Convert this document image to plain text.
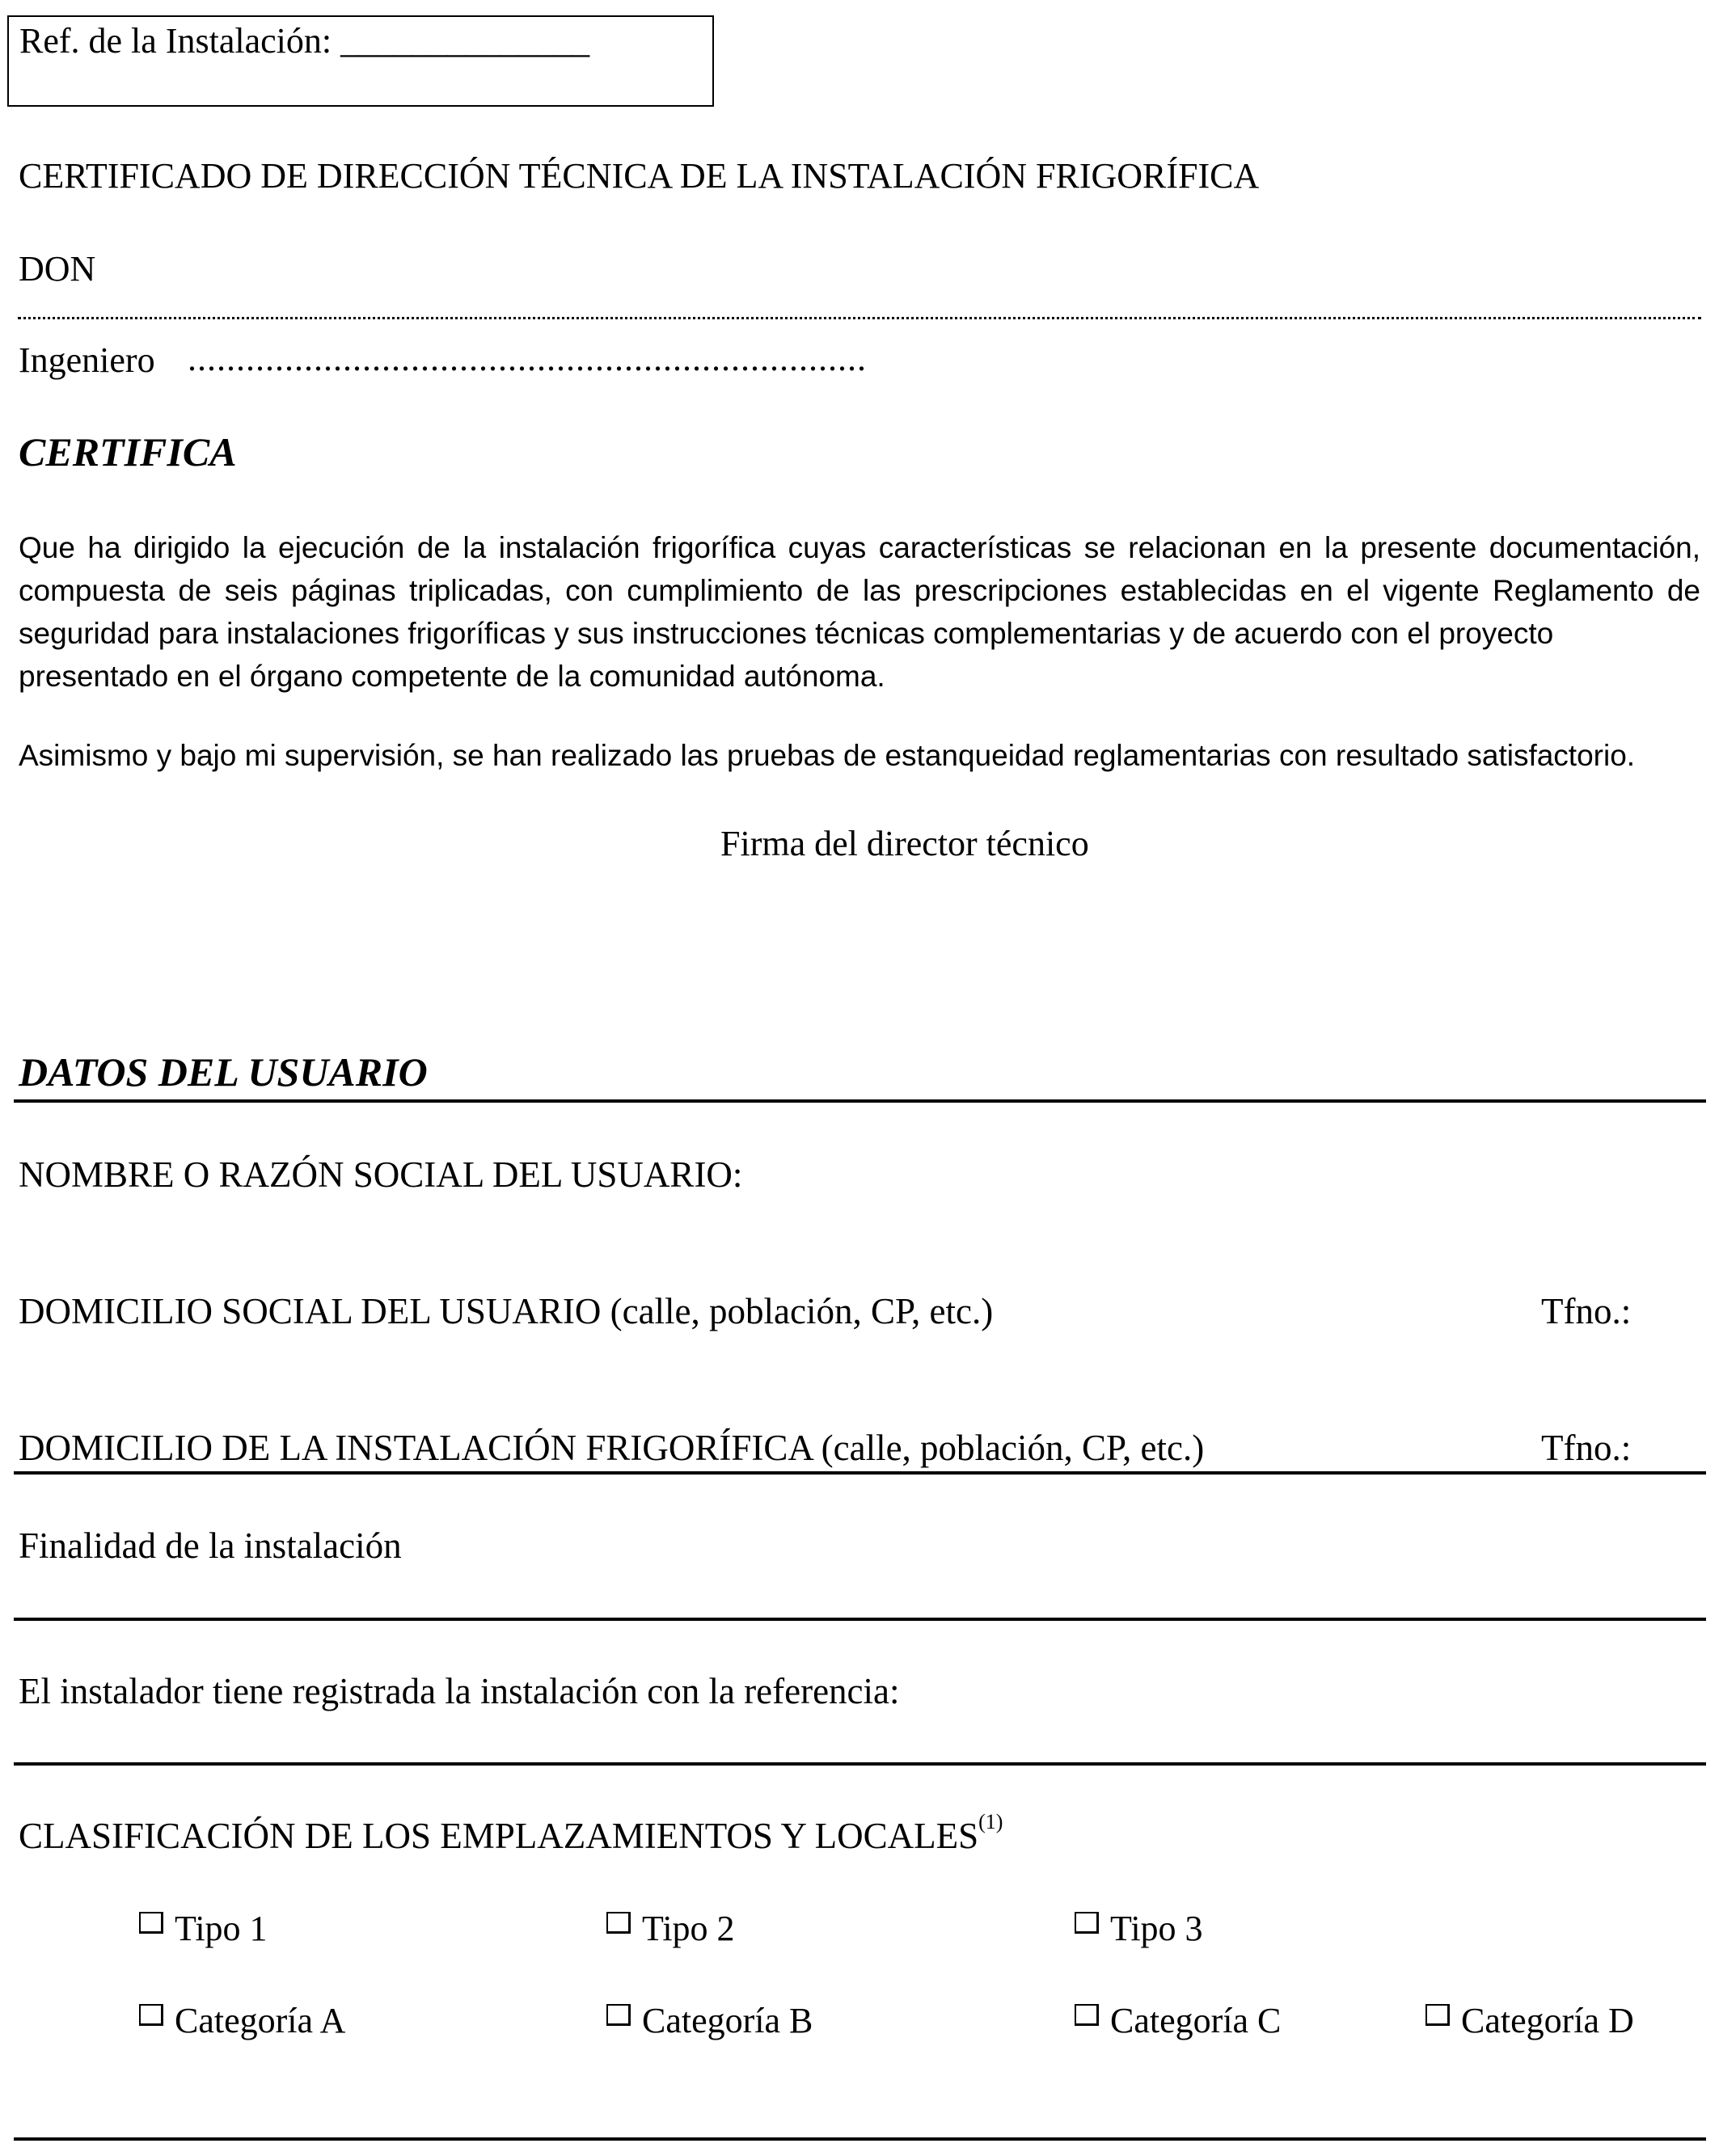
Ref. de la Instalación: ______________
CERTIFICADO DE DIRECCIÓN TÉCNICA DE LA INSTALACIÓN FRIGORÍFICA
DON
Ingeniero ......................................................................
CERTIFICA
Que ha dirigido la ejecución de la instalación frigorífica cuyas características se relacionan en la presente documentación, compuesta de seis páginas triplicadas, con cumplimiento de las prescripciones establecidas en el vigente Reglamento de seguridad para instalaciones frigoríficas y sus instrucciones técnicas complementarias y de acuerdo con el proyecto
presentado en el órgano competente de la comunidad autónoma.
Asimismo y bajo mi supervisión, se han realizado las pruebas de estanqueidad reglamentarias con resultado satisfactorio.
Firma del director técnico
DATOS DEL USUARIO
NOMBRE O RAZÓN SOCIAL DEL USUARIO:
DOMICILIO SOCIAL DEL USUARIO (calle, población, CP, etc.)	Tfno.:
DOMICILIO DE LA INSTALACIÓN FRIGORÍFICA (calle, población, CP, etc.)	Tfno.:
Finalidad de la instalación
El instalador tiene registrada la instalación con la referencia:
CLASIFICACIÓN DE LOS EMPLAZAMIENTOS Y LOCALES$^{(1)}$
Tipo 1	Tipo 2	Tipo 3
Categoría A	Categoría B	Categoría C	Categoría D
